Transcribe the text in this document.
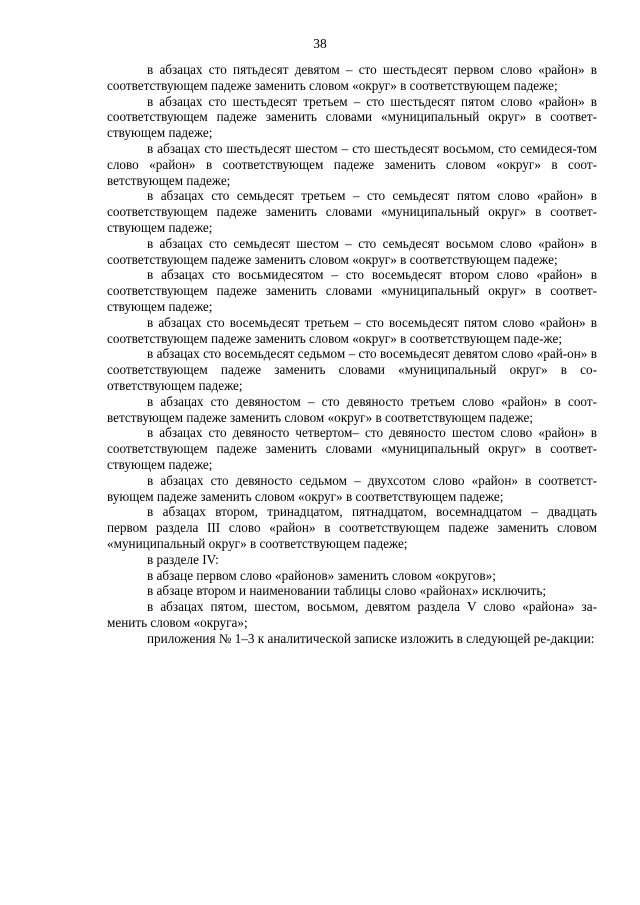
38

в абзацах сто пятьдесят девятом – сто шестьдесят первом слово «район» в соответствующем падеже заменить словом «округ» в соответствующем падеже;

в абзацах сто шестьдесят третьем – сто шестьдесят пятом слово «район» в соответствующем падеже заменить словами «муниципальный округ» в соответ-ствующем падеже;

в абзацах сто шестьдесят шестом – сто шестьдесят восьмом, сто семидеся-том слово «район» в соответствующем падеже заменить словом «округ» в соот-ветствующем падеже;

в абзацах сто семьдесят третьем – сто семьдесят пятом слово «район» в соответствующем падеже заменить словами «муниципальный округ» в соответ-ствующем падеже;

в абзацах сто семьдесят шестом – сто семьдесят восьмом слово «район» в соответствующем падеже заменить словом «округ» в соответствующем падеже;

в абзацах сто восьмидесятом – сто восемьдесят втором слово «район» в соответствующем падеже заменить словами «муниципальный округ» в соответ-ствующем падеже;

в абзацах сто восемьдесят третьем – сто восемьдесят пятом слово «район» в соответствующем падеже заменить словом «округ» в соответствующем паде-же;

в абзацах сто восемьдесят седьмом – сто восемьдесят девятом слово «рай-он» в соответствующем падеже заменить словами «муниципальный округ» в со-ответствующем падеже;

в абзацах сто девяностом – сто девяносто третьем слово «район» в соот-ветствующем падеже заменить словом «округ» в соответствующем падеже;

в абзацах сто девяносто четвертом– сто девяносто шестом слово «район» в соответствующем падеже заменить словами «муниципальный округ» в соответ-ствующем падеже;

в абзацах сто девяносто седьмом – двухсотом слово «район» в соответст-вующем падеже заменить словом «округ» в соответствующем падеже;

в абзацах втором, тринадцатом, пятнадцатом, восемнадцатом – двадцать первом раздела III слово «район» в соответствующем падеже заменить словом «муниципальный округ» в соответствующем падеже;

в разделе IV:

в абзаце первом слово «районов» заменить словом «округов»;

в абзаце втором и наименовании таблицы слово «районах» исключить;

в абзацах пятом, шестом, восьмом, девятом раздела V слово «района» за-менить словом «округа»;

приложения № 1–3 к аналитической записке изложить в следующей ре-дакции:
